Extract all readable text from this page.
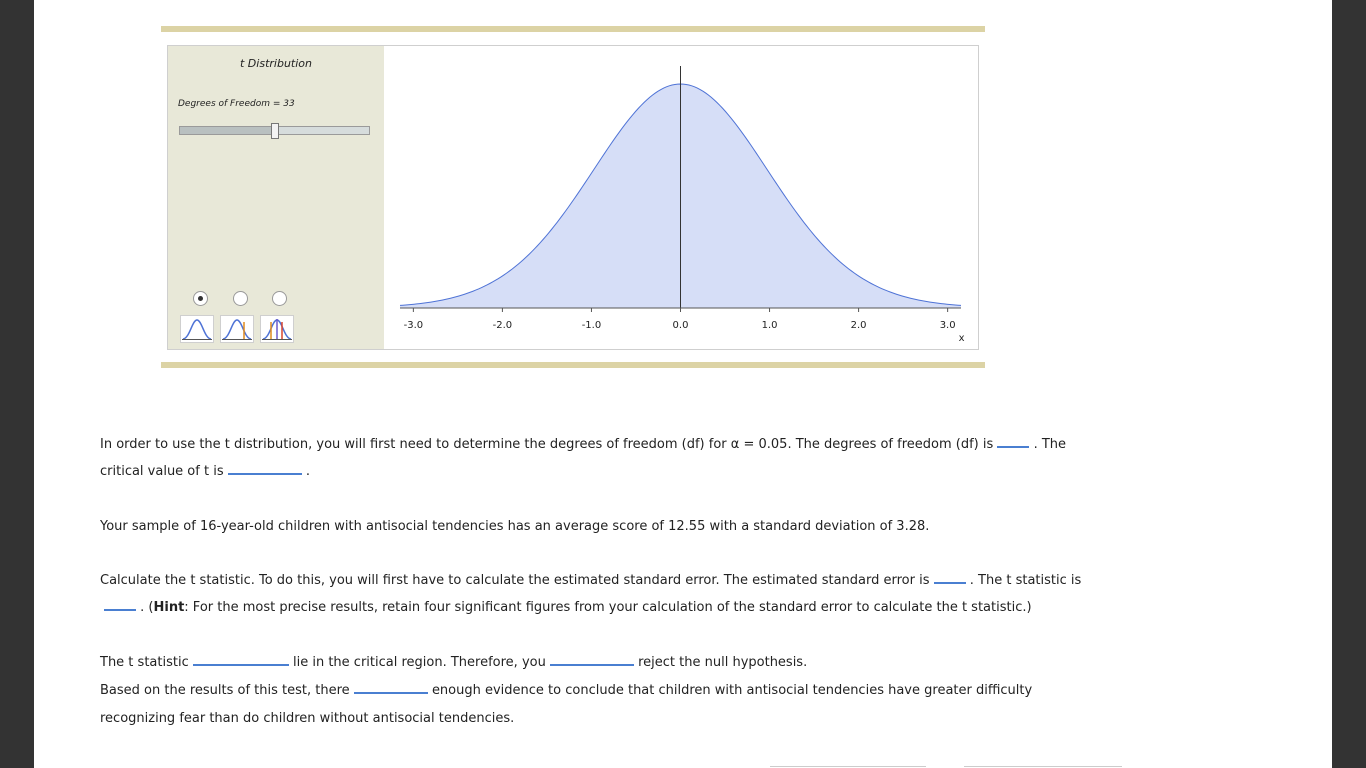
t Distribution
Degrees of Freedom = 33
-3.0	-2.0	-1.0	0.0	1.0	2.0	3.0
x
In order to use the t distribution, you will first need to determine the degrees of freedom (df) for α = 0.05. The degrees of freedom (df) is	. The
critical value of t is	.
Your sample of 16-year-old children with antisocial tendencies has an average score of 12.55 with a standard deviation of 3.28.
Calculate the t statistic. To do this, you will first have to calculate the estimated standard error. The estimated standard error is	. The t statistic is
. (Hint: For the most precise results, retain four significant figures from your calculation of the standard error to calculate the t statistic.)
The t statistic	lie in the critical region. Therefore, you	reject the null hypothesis.
Based on the results of this test, there	enough evidence to conclude that children with antisocial tendencies have greater difficulty
recognizing fear than do children without antisocial tendencies.
